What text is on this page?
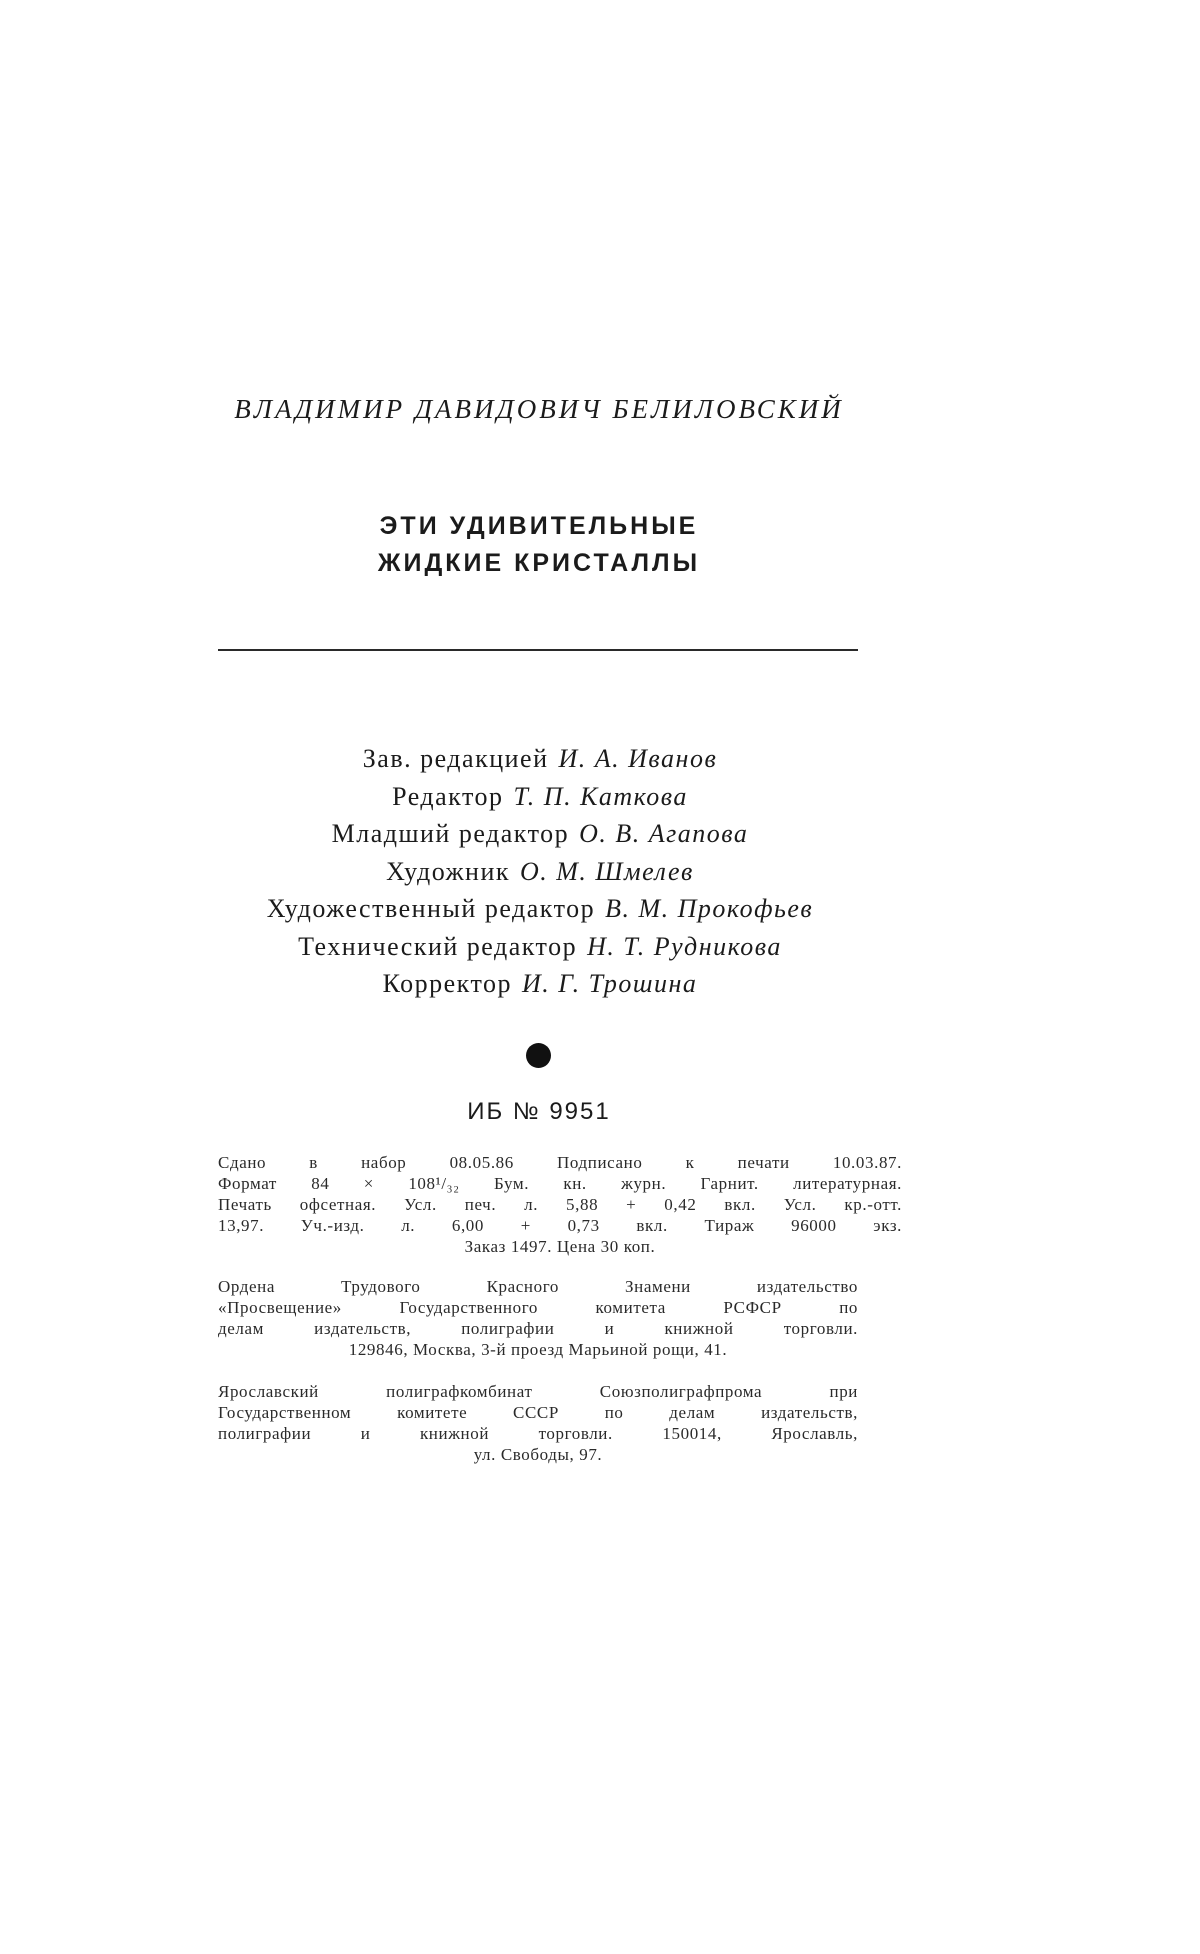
ВЛАДИМИР ДАВИДОВИЧ БЕЛИЛОВСКИЙ
ЭТИ УДИВИТЕЛЬНЫЕ
ЖИДКИЕ КРИСТАЛЛЫ
Зав. редакцией И. А. Иванов
Редактор Т. П. Каткова
Младший редактор О. В. Агапова
Художник О. М. Шмелев
Художественный редактор В. М. Прокофьев
Технический редактор Н. Т. Рудникова
Корректор И. Г. Трошина
ИБ № 9951
Сдано в набор 08.05.86 Подписано к печати 10.03.87.
Формат 84 × 108¹/₃₂ Бум. кн. журн. Гарнит. литературная.
Печать офсетная. Усл. печ. л. 5,88 + 0,42 вкл. Усл. кр.-отт.
13,97. Уч.-изд. л. 6,00 + 0,73 вкл. Тираж 96000 экз.
Заказ 1497. Цена 30 коп.
Ордена Трудового Красного Знамени издательство
«Просвещение» Государственного комитета РСФСР по
делам издательств, полиграфии и книжной торговли.
129846, Москва, 3-й проезд Марьиной рощи, 41.
Ярославский полиграфкомбинат Союзполиграфпрома при
Государственном комитете СССР по делам издательств,
полиграфии и книжной торговли. 150014, Ярославль,
ул. Свободы, 97.
